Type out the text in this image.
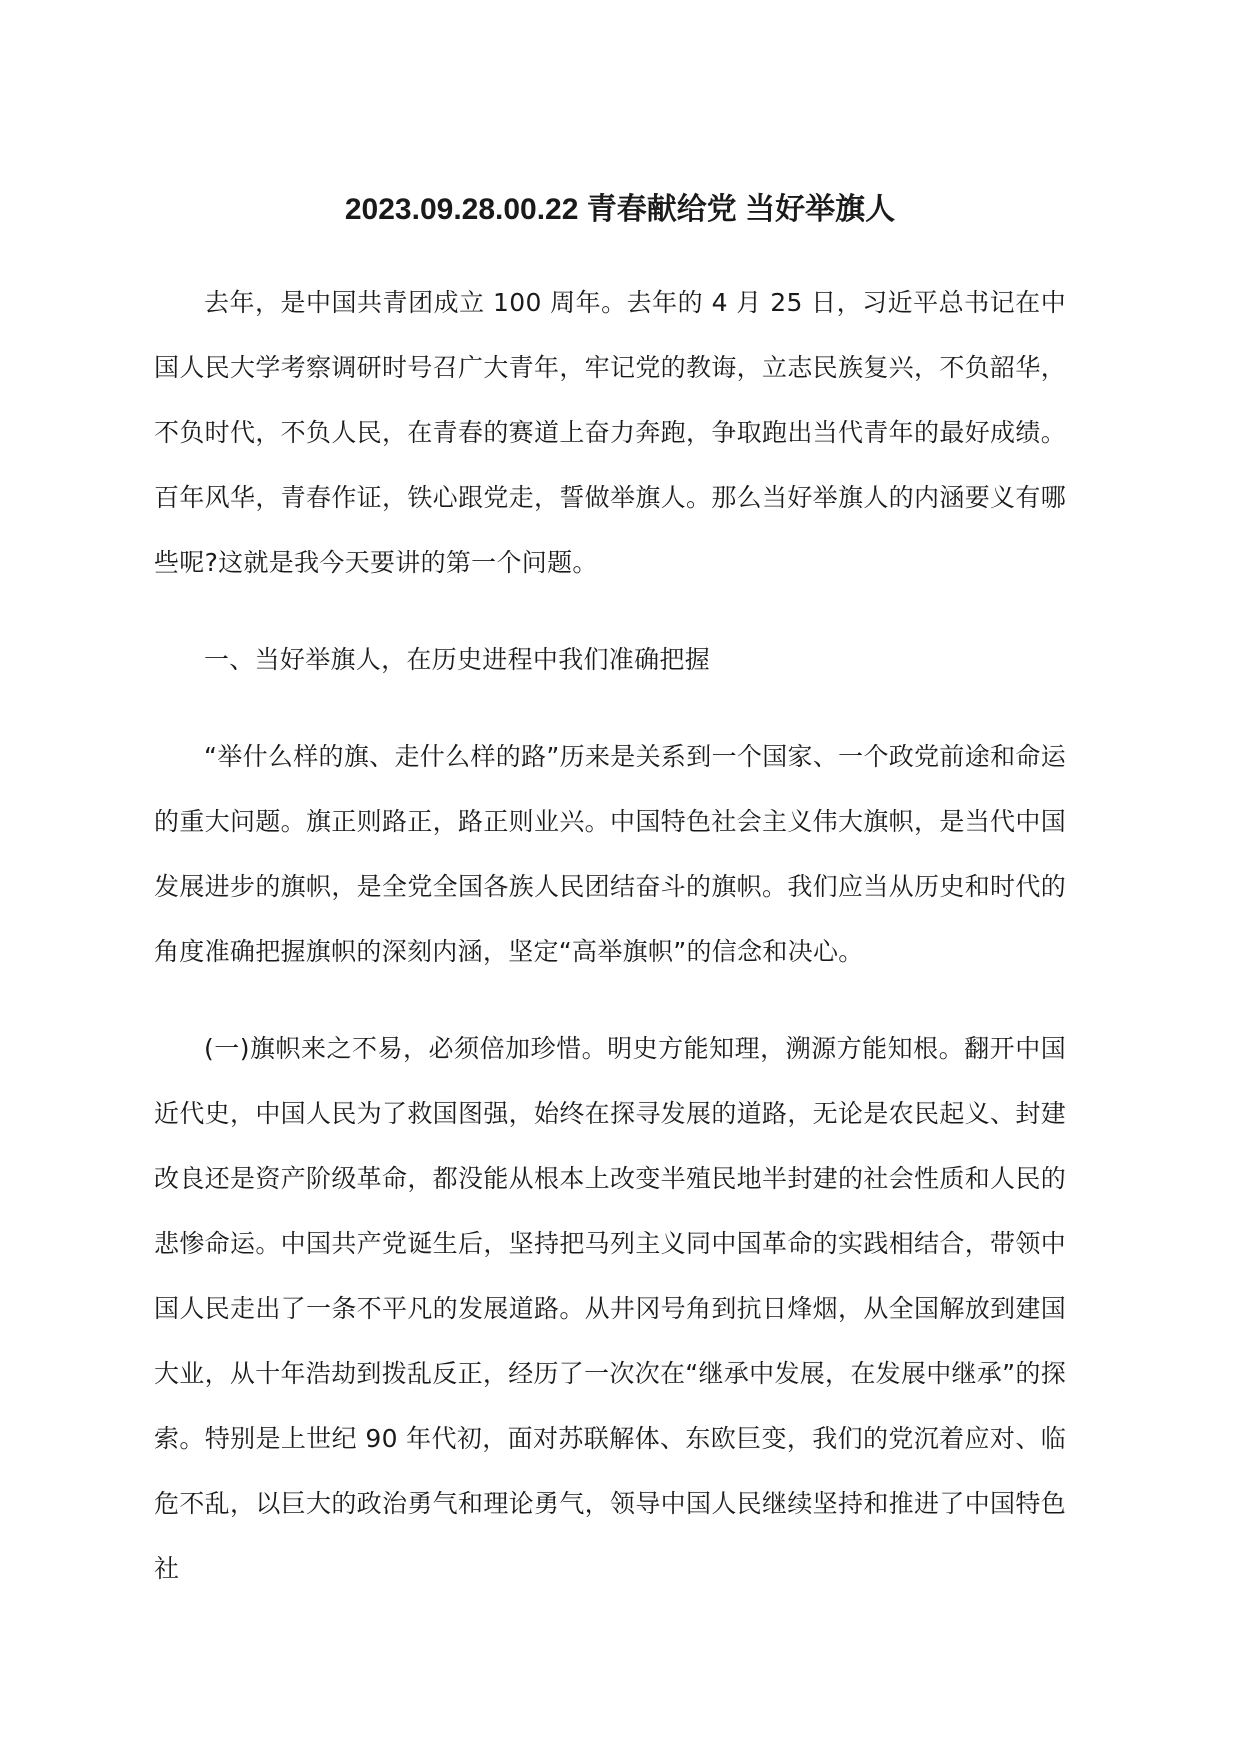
2023.09.28.00.22 青春献给党 当好举旗人

去年，是中国共青团成立 100 周年。去年的 4 月 25 日，习近平总书记在中国人民大学考察调研时号召广大青年，牢记党的教诲，立志民族复兴，不负韶华，不负时代，不负人民，在青春的赛道上奋力奔跑，争取跑出当代青年的最好成绩。百年风华，青春作证，铁心跟党走，誓做举旗人。那么当好举旗人的内涵要义有哪些呢?这就是我今天要讲的第一个问题。

一、当好举旗人，在历史进程中我们准确把握

“举什么样的旗、走什么样的路”历来是关系到一个国家、一个政党前途和命运的重大问题。旗正则路正，路正则业兴。中国特色社会主义伟大旗帜，是当代中国发展进步的旗帜，是全党全国各族人民团结奋斗的旗帜。我们应当从历史和时代的角度准确把握旗帜的深刻内涵，坚定“高举旗帜”的信念和决心。

(一)旗帜来之不易，必须倍加珍惜。明史方能知理，溯源方能知根。翻开中国近代史，中国人民为了救国图强，始终在探寻发展的道路，无论是农民起义、封建改良还是资产阶级革命，都没能从根本上改变半殖民地半封建的社会性质和人民的悲惨命运。中国共产党诞生后，坚持把马列主义同中国革命的实践相结合，带领中国人民走出了一条不平凡的发展道路。从井冈号角到抗日烽烟，从全国解放到建国大业，从十年浩劫到拨乱反正，经历了一次次在“继承中发展，在发展中继承”的探索。特别是上世纪 90 年代初，面对苏联解体、东欧巨变，我们的党沉着应对、临危不乱，以巨大的政治勇气和理论勇气，领导中国人民继续坚持和推进了中国特色社
